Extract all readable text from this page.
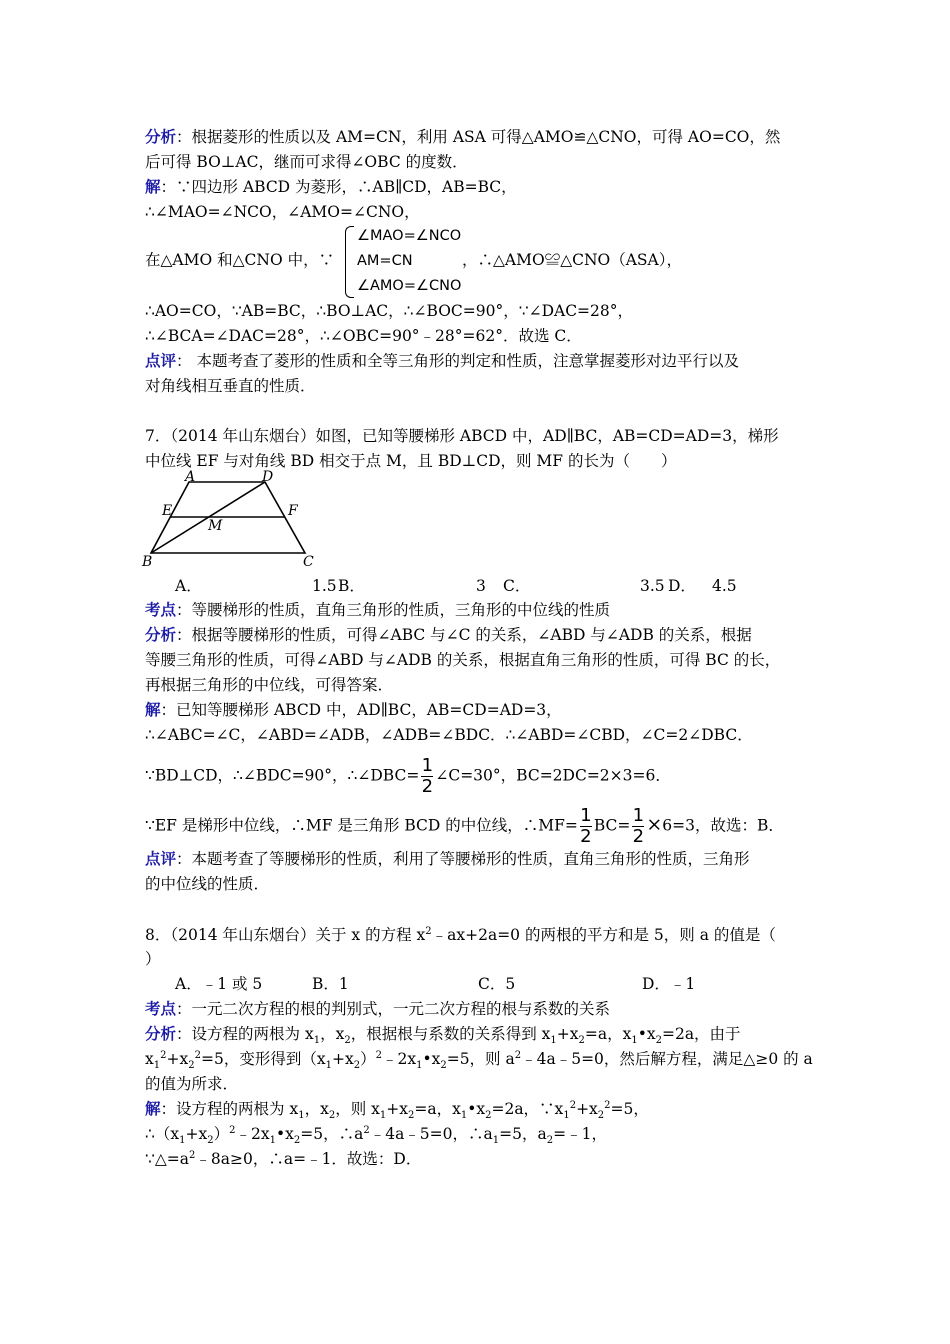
分析：根据菱形的性质以及 AM=CN，利用 ASA 可得△AMO≌△CNO，可得 AO=CO，然
后可得 BO⊥AC，继而可求得∠OBC 的度数．
解：∵四边形 ABCD 为菱形，∴AB∥CD，AB=BC，
∴∠MAO=∠NCO，∠AMO=∠CNO，
在△AMO 和△CNO 中，∵
∠MAO=∠NCO
AM=CN
∠AMO=∠CNO
，∴△AMO≌△CNO（ASA），
∴AO=CO，∵AB=BC，∴BO⊥AC，∴∠BOC=90°，∵∠DAC=28°，
∴∠BCA=∠DAC=28°，∴∠OBC=90°﹣28°=62°．故选 C．
点评： 本题考查了菱形的性质和全等三角形的判定和性质，注意掌握菱形对边平行以及
对角线相互垂直的性质．
7．（2014 年山东烟台）如图，已知等腰梯形 ABCD 中，AD∥BC，AB=CD=AD=3，梯形
中位线 EF 与对角线 BD 相交于点 M，且 BD⊥CD，则 MF 的长为（　　）
A	D
E	F
M
B	C
A．	1.5 B．	3 C．	3.5 D． 4.5
考点：等腰梯形的性质，直角三角形的性质，三角形的中位线的性质
分析：根据等腰梯形的性质，可得∠ABC 与∠C 的关系，∠ABD 与∠ADB 的关系，根据
等腰三角形的性质，可得∠ABD 与∠ADB 的关系，根据直角三角形的性质，可得 BC 的长，
再根据三角形的中位线，可得答案．
解：已知等腰梯形 ABCD 中，AD∥BC，AB=CD=AD=3，
∴∠ABC=∠C，∠ABD=∠ADB，∠ADB=∠BDC．∴∠ABD=∠CBD，∠C=2∠DBC．
∵BD⊥CD，∴∠BDC=90°，∴∠DBC= $\frac{1}{2}$ ∠C=30°，BC=2DC=2×3=6．
∵EF 是梯形中位线，∴MF 是三角形 BCD 的中位线，∴MF= $\frac{1}{2} BC= \frac{1}{2} \times 6=3$，故选：B．
点评：本题考查了等腰梯形的性质，利用了等腰梯形的性质，直角三角形的性质，三角形
的中位线的性质．
8．（2014 年山东烟台）关于 x 的方程 $x^2﹣ax+2a=0$ 的两根的平方和是 5，则 a 的值是（
）
A．﹣1 或 5	B．1	C．5	D．﹣1
考点：一元二次方程的根的判别式，一元二次方程的根与系数的关系
分析：设方程的两根为 $x_1$，$x_2$，根据根与系数的关系得到 $x_1+x_2=a$，$x_1•x_2=2a$，由于
$x_1^2+x_2^2=5$，变形得到$(x_1+x_2)^2﹣2x_1•x_2=5$，则 $a^2﹣4a﹣5=0$，然后解方程，满足△≥0 的 a
的值为所求．
解：设方程的两根为 $x_1$，$x_2$，则 $x_1+x_2=a$，$x_1•x_2=2a$，$\because x_1^2+x_2^2=5$，
$\therefore(x_1+x_2)^2﹣2x_1•x_2=5$，$\therefore a^2﹣4a﹣5=0$，$\therefore a_1=5$，$a_2=﹣1$，
$\because\triangle=a^2﹣8a\ge 0$，∴a=﹣1．故选：D．
